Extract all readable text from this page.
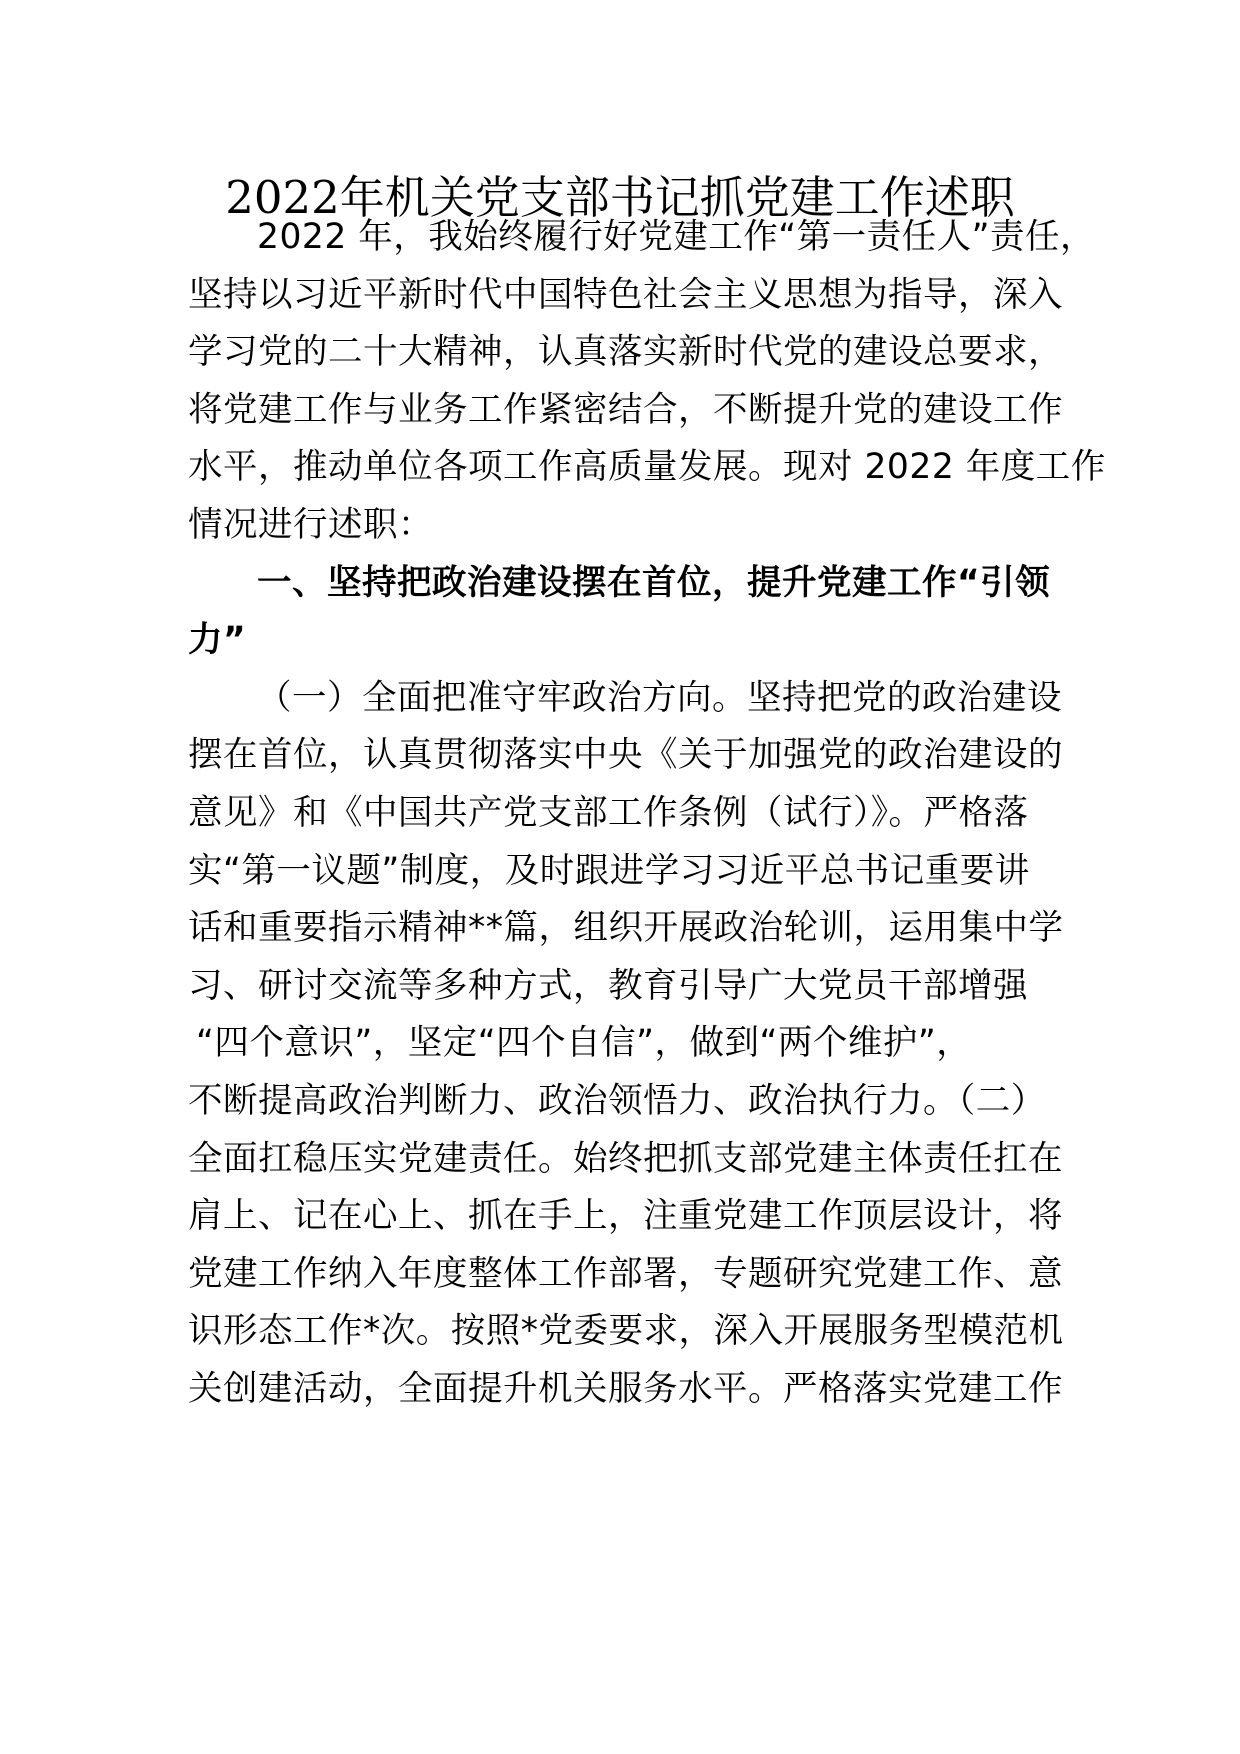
2022年机关党支部书记抓党建工作述职
2022 年，我始终履行好党建工作“第一责任人”责任，
坚持以习近平新时代中国特色社会主义思想为指导，深入
学习党的二十大精神，认真落实新时代党的建设总要求，
将党建工作与业务工作紧密结合，不断提升党的建设工作
水平，推动单位各项工作高质量发展。现对 2022 年度工作
情况进行述职：
一、坚持把政治建设摆在首位，提升党建工作“引领
力”
（一）全面把准守牢政治方向。坚持把党的政治建设
摆在首位，认真贯彻落实中央《关于加强党的政治建设的
意见》和《中国共产党支部工作条例（试行）》。严格落
实“第一议题”制度，及时跟进学习习近平总书记重要讲
话和重要指示精神**篇，组织开展政治轮训，运用集中学
习、研讨交流等多种方式，教育引导广大党员干部增强
“四个意识”，坚定“四个自信”，做到“两个维护”，
不断提高政治判断力、政治领悟力、政治执行力。（二）
全面扛稳压实党建责任。始终把抓支部党建主体责任扛在
肩上、记在心上、抓在手上，注重党建工作顶层设计，将
党建工作纳入年度整体工作部署，专题研究党建工作、意
识形态工作*次。按照*党委要求，深入开展服务型模范机
关创建活动，全面提升机关服务水平。严格落实党建工作
